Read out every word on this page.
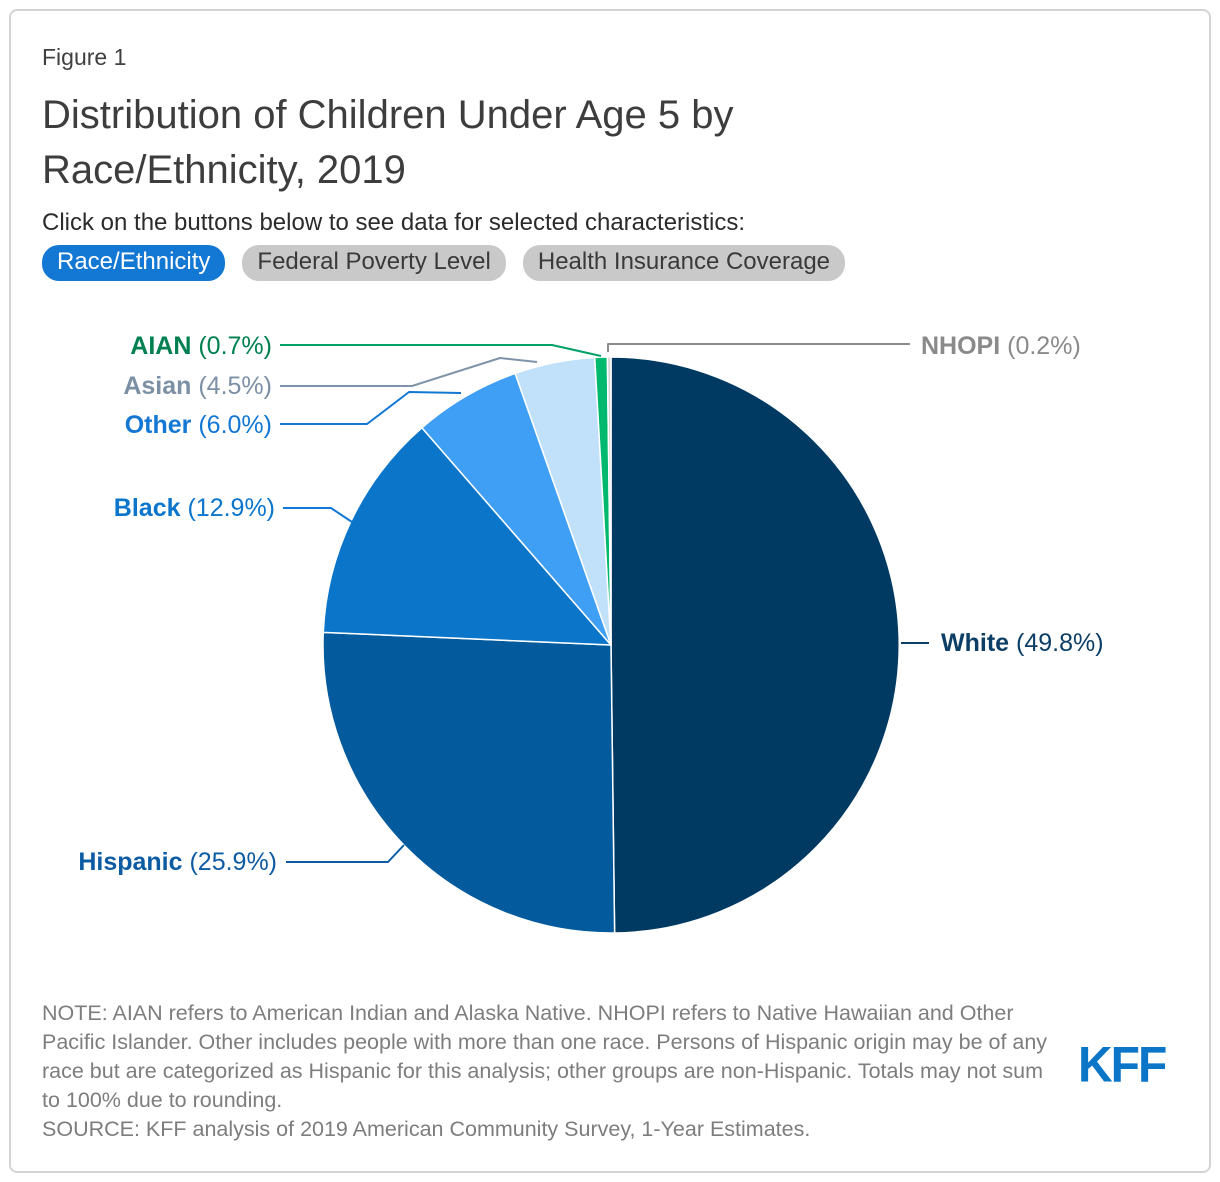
Figure 1
Distribution of Children Under Age 5 by
Race/Ethnicity, 2019
Click on the buttons below to see data for selected characteristics:
Race/Ethnicity	Federal Poverty Level	Health Insurance Coverage
White (49.8%)
Hispanic (25.9%)
Black (12.9%)
Other (6.0%)
Asian (4.5%)
AIAN (0.7%)	NHOPI (0.2%)
NOTE: AIAN refers to American Indian and Alaska Native. NHOPI refers to Native Hawaiian and Other Pacific Islander. Other includes people with more than one race. Persons of Hispanic origin may be of any race but are categorized as Hispanic for this analysis; other groups are non-Hispanic. Totals may not sum to 100% due to rounding.
SOURCE: KFF analysis of 2019 American Community Survey, 1-Year Estimates.
KFF
